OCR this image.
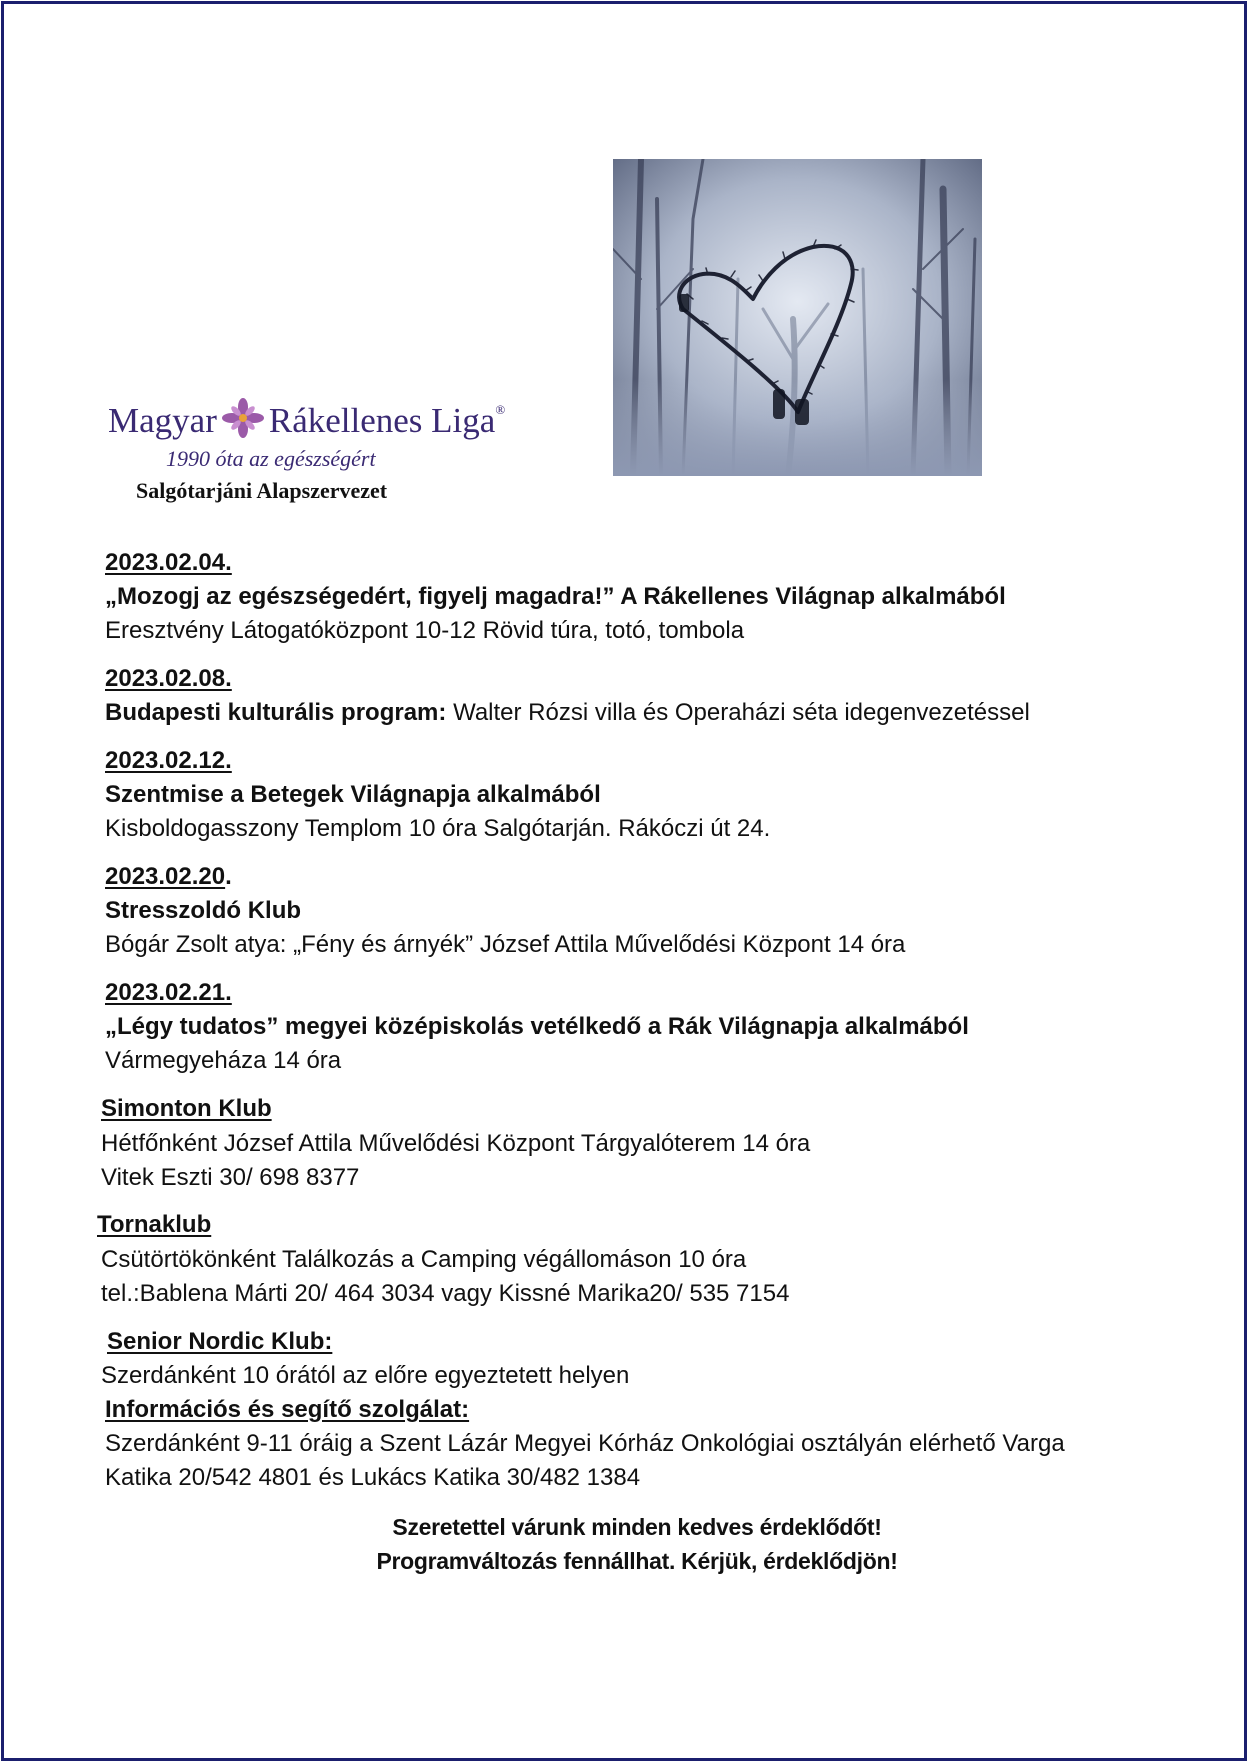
Magyar Rákellenes Liga®
1990 óta az egészségért
Salgótarjáni Alapszervezet
2023.02.04.
„Mozogj az egészségedért, figyelj magadra!” A Rákellenes Világnap alkalmából
Eresztvény Látogatóközpont 10-12 Rövid túra, totó, tombola
2023.02.08.
Budapesti kulturális program: Walter Rózsi villa és Operaházi séta idegenvezetéssel
2023.02.12.
Szentmise a Betegek Világnapja alkalmából
Kisboldogasszony Templom 10 óra Salgótarján. Rákóczi út 24.
2023.02.20.
Stresszoldó Klub
Bógár Zsolt atya: „Fény és árnyék” József Attila Művelődési Központ 14 óra
2023.02.21.
„Légy tudatos” megyei középiskolás vetélkedő a Rák Világnapja alkalmából
Vármegyeháza 14 óra
Simonton Klub
Hétfőnként József Attila Művelődési Központ Tárgyalóterem 14 óra
Vitek Eszti 30/ 698 8377
Tornaklub
Csütörtökönként Találkozás a Camping végállomáson 10 óra
tel.:Bablena Márti 20/ 464 3034 vagy Kissné Marika20/ 535 7154
Senior Nordic Klub:
Szerdánként 10 órától az előre egyeztetett helyen
Információs és segítő szolgálat:
Szerdánként 9-11 óráig a Szent Lázár Megyei Kórház Onkológiai osztályán elérhető Varga
Katika 20/542 4801 és Lukács Katika 30/482 1384
Szeretettel várunk minden kedves érdeklődőt!
Programváltozás fennállhat. Kérjük, érdeklődjön!
